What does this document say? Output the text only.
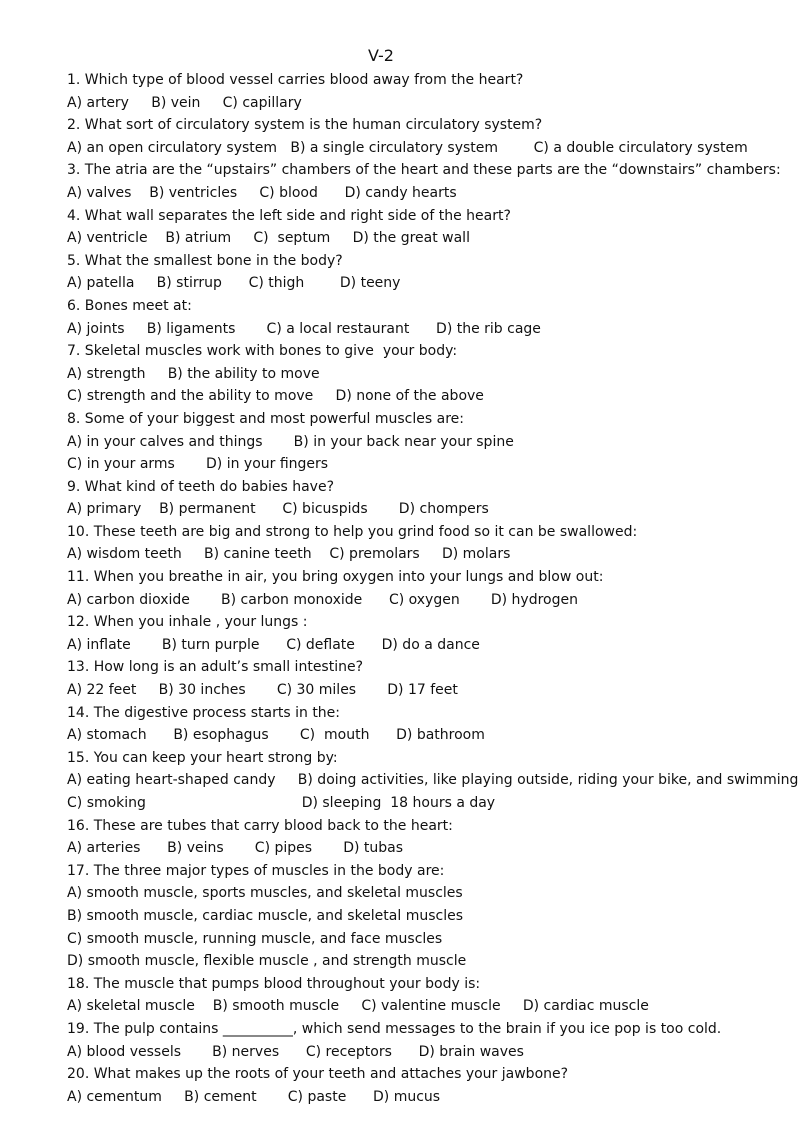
V-2
1. Which type of blood vessel carries blood away from the heart?
A) artery     B) vein     C) capillary
2. What sort of circulatory system is the human circulatory system?
A) an open circulatory system   B) a single circulatory system        C) a double circulatory system
3. The atria are the “upstairs” chambers of the heart and these parts are the “downstairs” chambers:
A) valves    B) ventricles     C) blood      D) candy hearts
4. What wall separates the left side and right side of the heart?
A) ventricle    B) atrium     C)  septum     D) the great wall
5. What the smallest bone in the body?
A) patella     B) stirrup      C) thigh        D) teeny
6. Bones meet at:
A) joints     B) ligaments       C) a local restaurant      D) the rib cage
7. Skeletal muscles work with bones to give  your body:
A) strength     B) the ability to move
C) strength and the ability to move     D) none of the above
8. Some of your biggest and most powerful muscles are:
A) in your calves and things       B) in your back near your spine
C) in your arms       D) in your fingers
9. What kind of teeth do babies have?
A) primary    B) permanent      C) bicuspids       D) chompers
10. These teeth are big and strong to help you grind food so it can be swallowed:
A) wisdom teeth     B) canine teeth    C) premolars     D) molars
11. When you breathe in air, you bring oxygen into your lungs and blow out:
A) carbon dioxide       B) carbon monoxide      C) oxygen       D) hydrogen
12. When you inhale , your lungs :
A) inflate       B) turn purple      C) deflate      D) do a dance
13. How long is an adult’s small intestine?
A) 22 feet     B) 30 inches       C) 30 miles       D) 17 feet
14. The digestive process starts in the:
A) stomach      B) esophagus       C)  mouth      D) bathroom
15. You can keep your heart strong by:
A) eating heart-shaped candy     B) doing activities, like playing outside, riding your bike, and swimming
C) smoking                                   D) sleeping  18 hours a day
16. These are tubes that carry blood back to the heart:
A) arteries      B) veins       C) pipes       D) tubas
17. The three major types of muscles in the body are:
A) smooth muscle, sports muscles, and skeletal muscles
B) smooth muscle, cardiac muscle, and skeletal muscles
C) smooth muscle, running muscle, and face muscles
D) smooth muscle, flexible muscle , and strength muscle
18. The muscle that pumps blood throughout your body is:
A) skeletal muscle    B) smooth muscle     C) valentine muscle     D) cardiac muscle
19. The pulp contains __________, which send messages to the brain if you ice pop is too cold.
A) blood vessels       B) nerves      C) receptors      D) brain waves
20. What makes up the roots of your teeth and attaches your jawbone?
A) cementum     B) cement       C) paste      D) mucus
